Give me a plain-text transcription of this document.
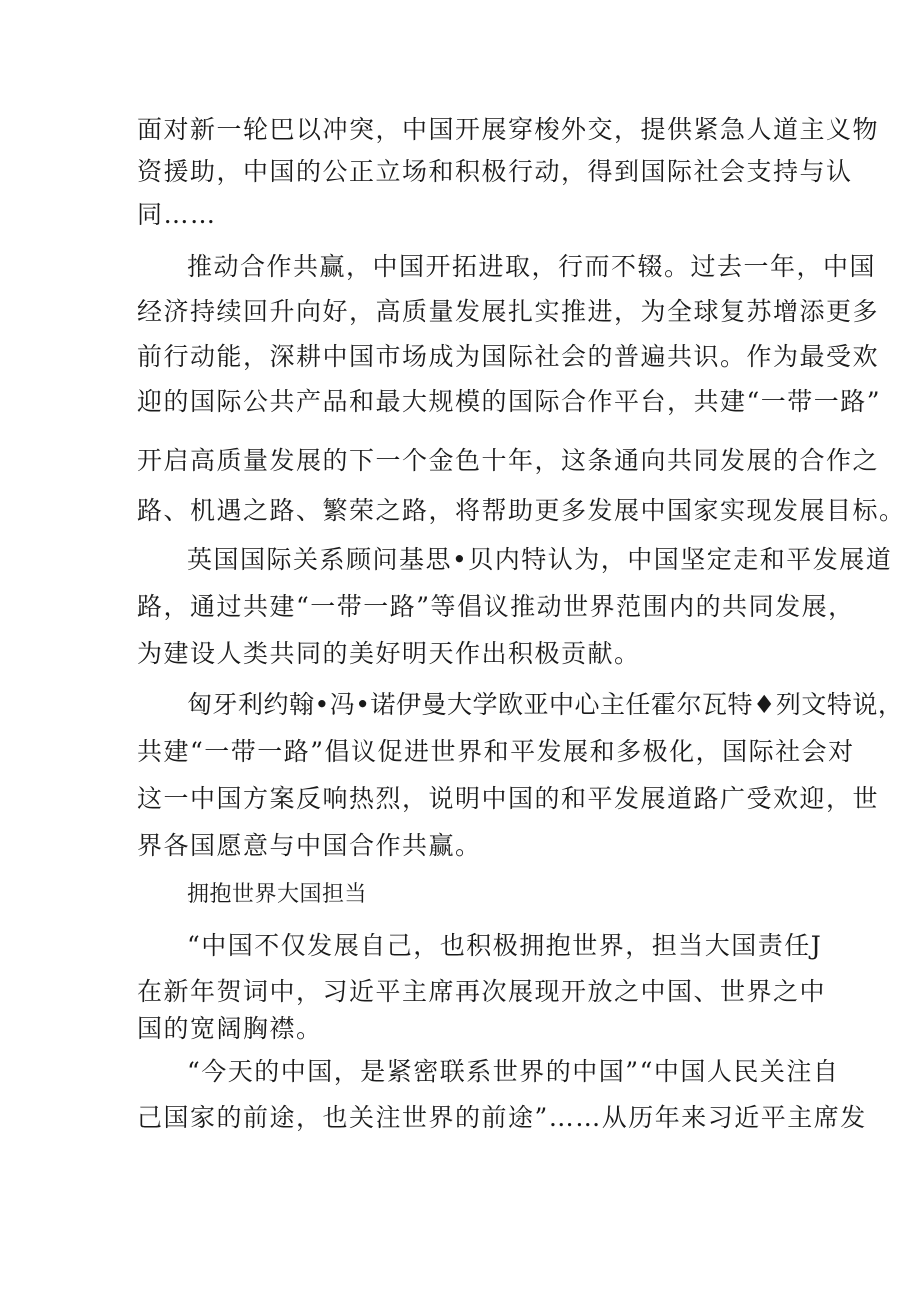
面对新一轮巴以冲突，中国开展穿梭外交，提供紧急人道主义物
资援助，中国的公正立场和积极行动，得到国际社会支持与认
同……
推动合作共赢，中国开拓进取，行而不辍。过去一年，中国
经济持续回升向好，高质量发展扎实推进，为全球复苏增添更多
前行动能，深耕中国市场成为国际社会的普遍共识。作为最受欢
迎的国际公共产品和最大规模的国际合作平台，共建“一带一路”
开启高质量发展的下一个金色十年，这条通向共同发展的合作之
路、机遇之路、繁荣之路，将帮助更多发展中国家实现发展目标。
英国国际关系顾问基思•贝内特认为，中国坚定走和平发展道
路，通过共建“一带一路”等倡议推动世界范围内的共同发展，
为建设人类共同的美好明天作出积极贡献。
匈牙利约翰•冯•诺伊曼大学欧亚中心主任霍尔瓦特♦列文特说，
共建“一带一路”倡议促进世界和平发展和多极化，国际社会对
这一中国方案反响热烈，说明中国的和平发展道路广受欢迎，世
界各国愿意与中国合作共赢。
拥抱世界大国担当
“中国不仅发展自己，也积极拥抱世界，担当大国责任J
在新年贺词中，习近平主席再次展现开放之中国、世界之中
国的宽阔胸襟。
“今天的中国，是紧密联系世界的中国”“中国人民关注自
己国家的前途，也关注世界的前途”……从历年来习近平主席发
